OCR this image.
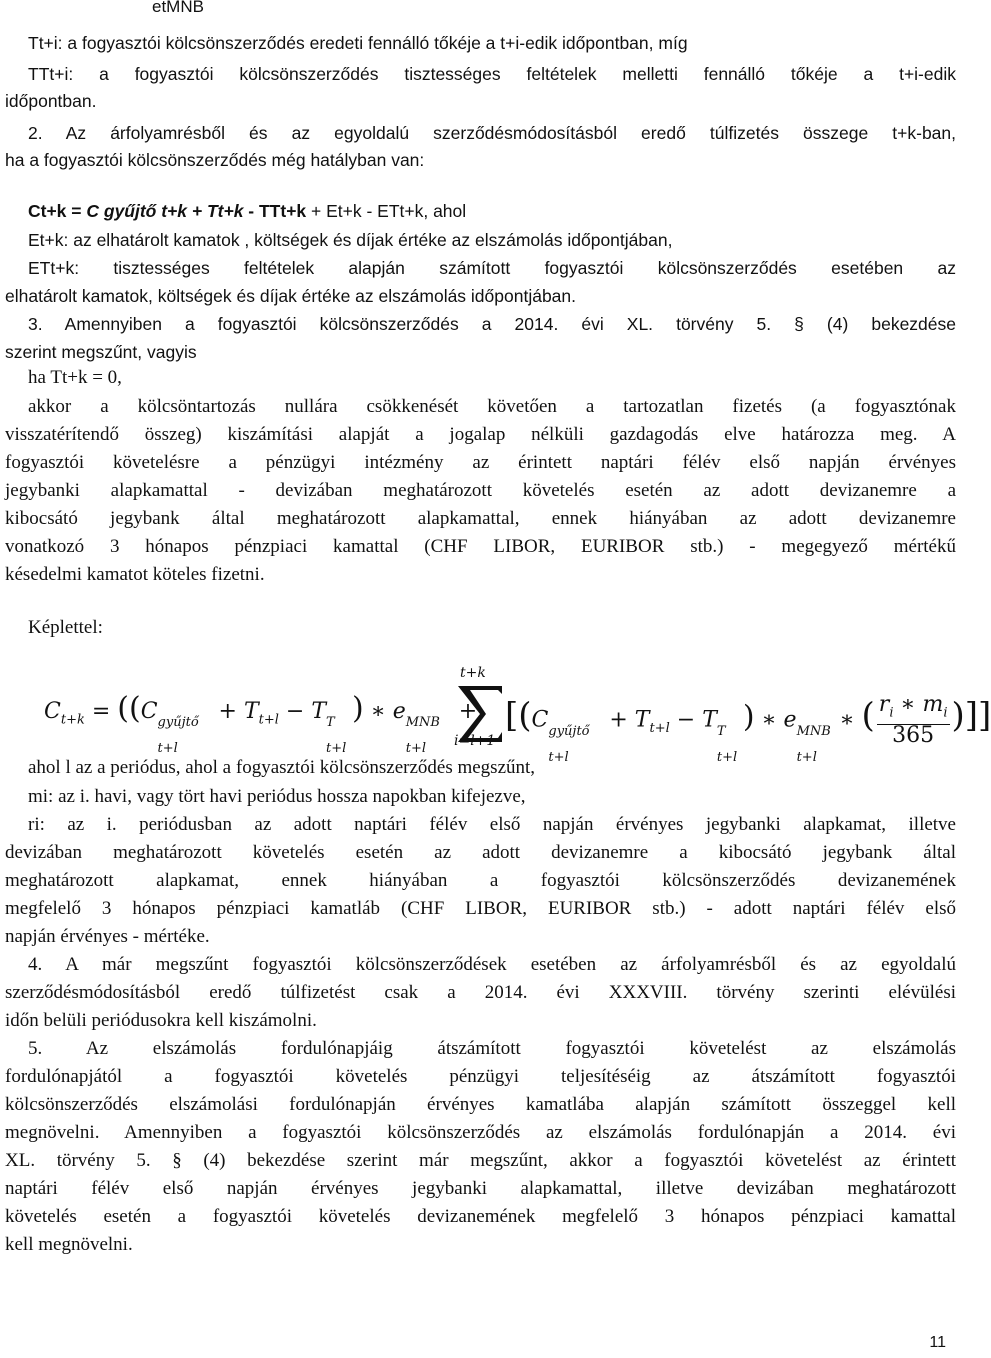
etMNB
Tt+i: a fogyasztói kölcsönszerződés eredeti fennálló tőkéje a t+i-edik időpontban, míg
TTt+i: a fogyasztói kölcsönszerződés tisztességes feltételek melletti fennálló tőkéje a t+i-edik
időpontban.
2. Az árfolyamrésből és az egyoldalú szerződésmódosításból eredő túlfizetés összege t+k-ban,
ha a fogyasztói kölcsönszerződés még hatályban van:
Ct+k = C gyűjtő t+k + Tt+k - TTt+k + Et+k - ETt+k, ahol
Et+k: az elhatárolt kamatok , költségek és díjak értéke az elszámolás időpontjában,
ETt+k: tisztességes feltételek alapján számított fogyasztói kölcsönszerződés esetében az
elhatárolt kamatok, költségek és díjak értéke az elszámolás időpontjában.
3. Amennyiben a fogyasztói kölcsönszerződés a 2014. évi XL. törvény 5. § (4) bekezdése
szerint megszűnt, vagyis
ha Tt+k = 0,
akkor a kölcsöntartozás nullára csökkenését követően a tartozatlan fizetés (a fogyasztónak
visszatérítendő összeg) kiszámítási alapját a jogalap nélküli gazdagodás elve határozza meg. A
fogyasztói követelésre a pénzügyi intézmény az érintett naptári félév első napján érvényes
jegybanki alapkamattal - devizában meghatározott követelés esetén az adott devizanemre a
kibocsátó jegybank által meghatározott alapkamattal, ennek hiányában az adott devizanemre
vonatkozó 3 hónapos pénzpiaci kamattal (CHF LIBOR, EURIBOR stb.) - megegyező mértékű
késedelmi kamatot köteles fizetni.
Képlettel:
$C_{t+k} = ((C$ gyűjtő
t+l
+ $T_{t+l} - T$ T
t+l
) ∗ e MNB
t+l
+
t+k
i=l+1
[(C gyűjtő
t+l
+ $T_{t+l} - T$ T
t+l
) ∗ e MNB
t+l
∗ ( $\frac{r_i ∗ m_i}{365}$ )]]
ahol l az a periódus, ahol a fogyasztói kölcsönszerződés megszűnt,
mi: az i. havi, vagy tört havi periódus hossza napokban kifejezve,
ri: az i. periódusban az adott naptári félév első napján érvényes jegybanki alapkamat, illetve
devizában meghatározott követelés esetén az adott devizanemre a kibocsátó jegybank által
meghatározott alapkamat, ennek hiányában a fogyasztói kölcsönszerződés devizanemének
megfelelő 3 hónapos pénzpiaci kamatláb (CHF LIBOR, EURIBOR stb.) - adott naptári félév első
napján érvényes - mértéke.
4. A már megszűnt fogyasztói kölcsönszerződések esetében az árfolyamrésből és az egyoldalú
szerződésmódosításból eredő túlfizetést csak a 2014. évi XXXVIII. törvény szerinti elévülési
időn belüli periódusokra kell kiszámolni.
5. Az elszámolás fordulónapjáig átszámított fogyasztói követelést az elszámolás
fordulónapjától a fogyasztói követelés pénzügyi teljesítéséig az átszámított fogyasztói
kölcsönszerződés elszámolási fordulónapján érvényes kamatlába alapján számított összeggel kell
megnövelni. Amennyiben a fogyasztói kölcsönszerződés az elszámolás fordulónapján a 2014. évi
XL. törvény 5. § (4) bekezdése szerint már megszűnt, akkor a fogyasztói követelést az érintett
naptári félév első napján érvényes jegybanki alapkamattal, illetve devizában meghatározott
követelés esetén a fogyasztói követelés devizanemének megfelelő 3 hónapos pénzpiaci kamattal
kell megnövelni.
11
